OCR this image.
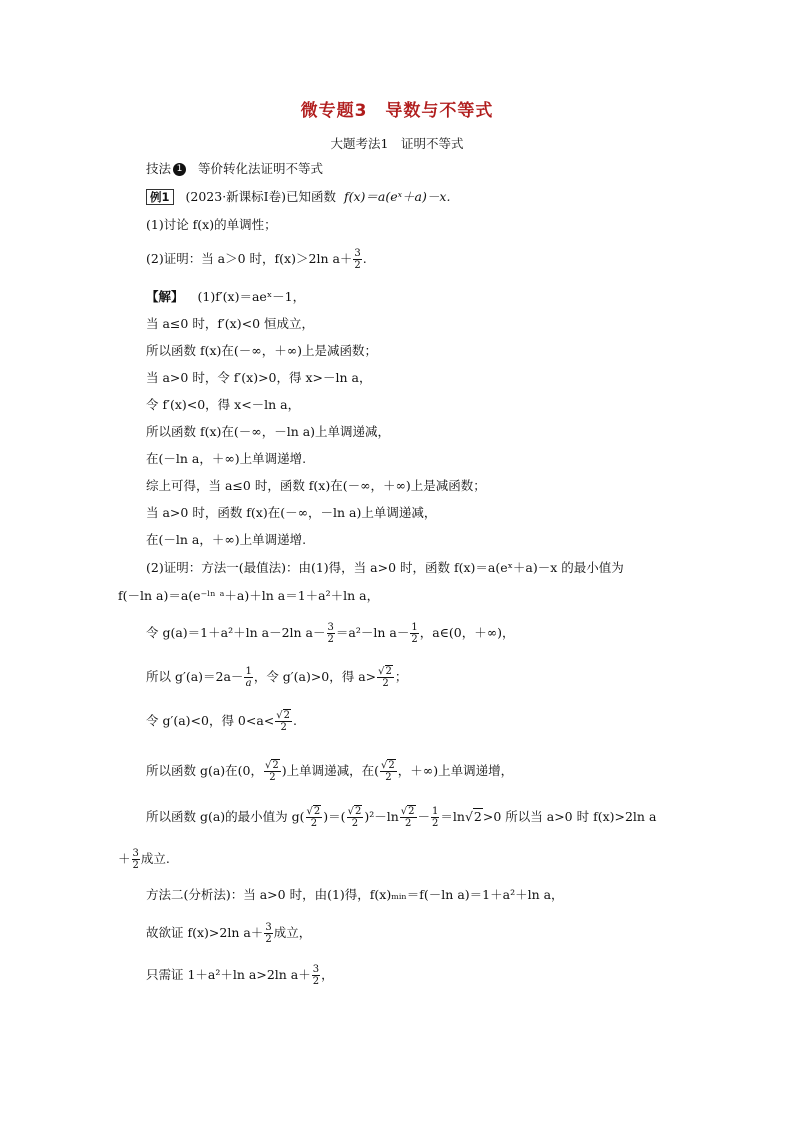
微专题3　导数与不等式
大题考法1　证明不等式
技法 1 等价转化法证明不等式
例1 (2023·新课标Ⅰ卷)已知函数 f(x)＝a(eˣ＋a)－x.
(1)讨论 f(x)的单调性；
(2)证明：当 a＞0 时，f(x)＞2ln $a+ \frac{3}{2}$ .
【解】 (1)f′(x)＝aeˣ－1，
当 a≤0 时，f′(x)<0 恒成立，
所以函数 f(x)在(－∞，＋∞)上是减函数；
当 a>0 时，令 f′(x)>0，得 x>－ln a，
令 f′(x)<0，得 x<－ln a，
所以函数 f(x)在(－∞，－ln a)上单调递减，
在(－ln a，＋∞)上单调递增.
综上可得，当 a≤0 时，函数 f(x)在(－∞，＋∞)上是减函数；
当 a>0 时，函数 f(x)在(－∞，－ln a)上单调递减，
在(－ln a，＋∞)上单调递增.
(2)证明：方法一(最值法)：由(1)得，当 a>0 时，函数 f(x)＝a(eˣ＋a)－x 的最小值为
f(－ln a)＝a(e⁻ˡⁿ ᵃ＋a)＋ln a＝1＋a²＋ln a，
令 g(a)＝1＋a²＋ln a－2ln $a- \frac{3}{2} =a^2-\ln$ $a- \frac{1}{2}$ ，a∈(0，＋∞)，
所以 $g'(a)=2a- \frac{1}{a}$ ，令 g′(a)>0，得 $a> \frac{√2}{2}$ ；
令 g′(a)<0，得 $0<a< \frac{√2}{2}$ .
所以函数 g(a)在(0， $\frac{√2}{2}$ )上单调递减，在( $\frac{√2}{2}$ ，＋∞)上单调递增，
所以函数 g(a)的最小值为 $g( \frac{√2}{2}$ )＝( $\frac{√2}{2} )^2-\ln \frac{√2}{2} - \frac{1}{2} =\ln√2>0$ 所以当 a>0 时 f(x)>2ln a
＋ $\frac{3}{2}$ 成立.
方法二(分析法)：当 a>0 时，由(1)得，f(x)ₘᵢₙ＝f(－ln a)＝1＋a²＋ln a，
故欲证 f(x)>2ln $a+ \frac{3}{2}$ 成立，
只需证 1＋a²＋ln a>2ln $a+ \frac{3}{2}$ ，
